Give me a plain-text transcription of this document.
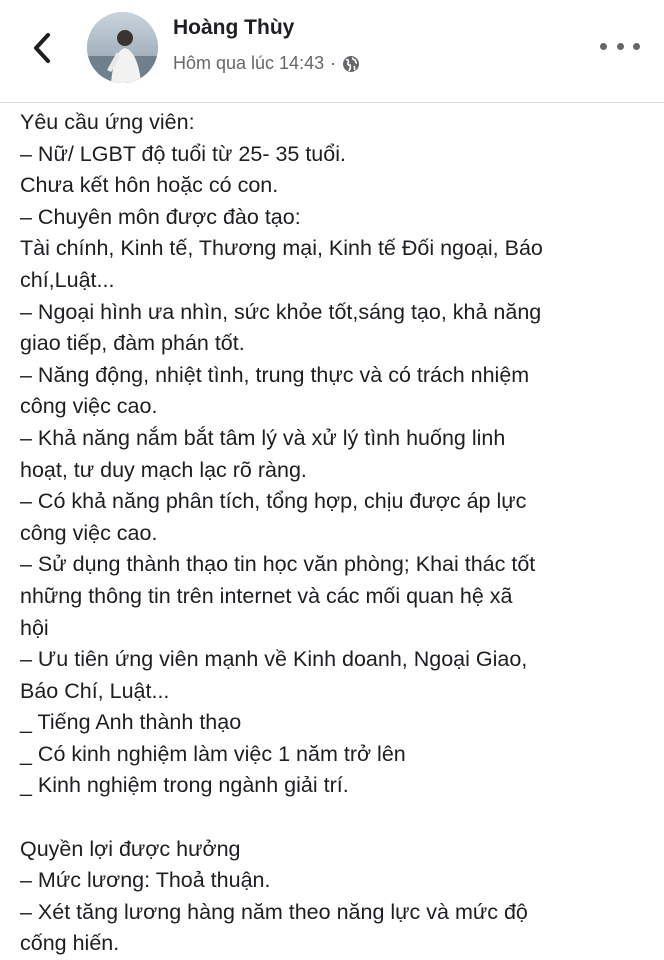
Hoàng Thùy
Hôm qua lúc 14:43 ·
Yêu cầu ứng viên:
– Nữ/ LGBT độ tuổi từ 25- 35 tuổi.
Chưa kết hôn hoặc có con.
– Chuyên môn được đào tạo:
Tài chính, Kinh tế, Thương mại, Kinh tế Đối ngoại, Báo
chí,Luật...
– Ngoại hình ưa nhìn, sức khỏe tốt,sáng tạo, khả năng
giao tiếp, đàm phán tốt.
– Năng động, nhiệt tình, trung thực và có trách nhiệm
công việc cao.
– Khả năng nắm bắt tâm lý và xử lý tình huống linh
hoạt, tư duy mạch lạc rõ ràng.
– Có khả năng phân tích, tổng hợp, chịu được áp lực
công việc cao.
– Sử dụng thành thạo tin học văn phòng; Khai thác tốt
những thông tin trên internet và các mối quan hệ xã
hội
– Ưu tiên ứng viên mạnh về Kinh doanh, Ngoại Giao,
Báo Chí, Luật...
_ Tiếng Anh thành thạo
_ Có kinh nghiệm làm việc 1 năm trở lên
_ Kinh nghiệm trong ngành giải trí.
Quyền lợi được hưởng
– Mức lương: Thoả thuận.
– Xét tăng lương hàng năm theo năng lực và mức độ
cống hiến.
